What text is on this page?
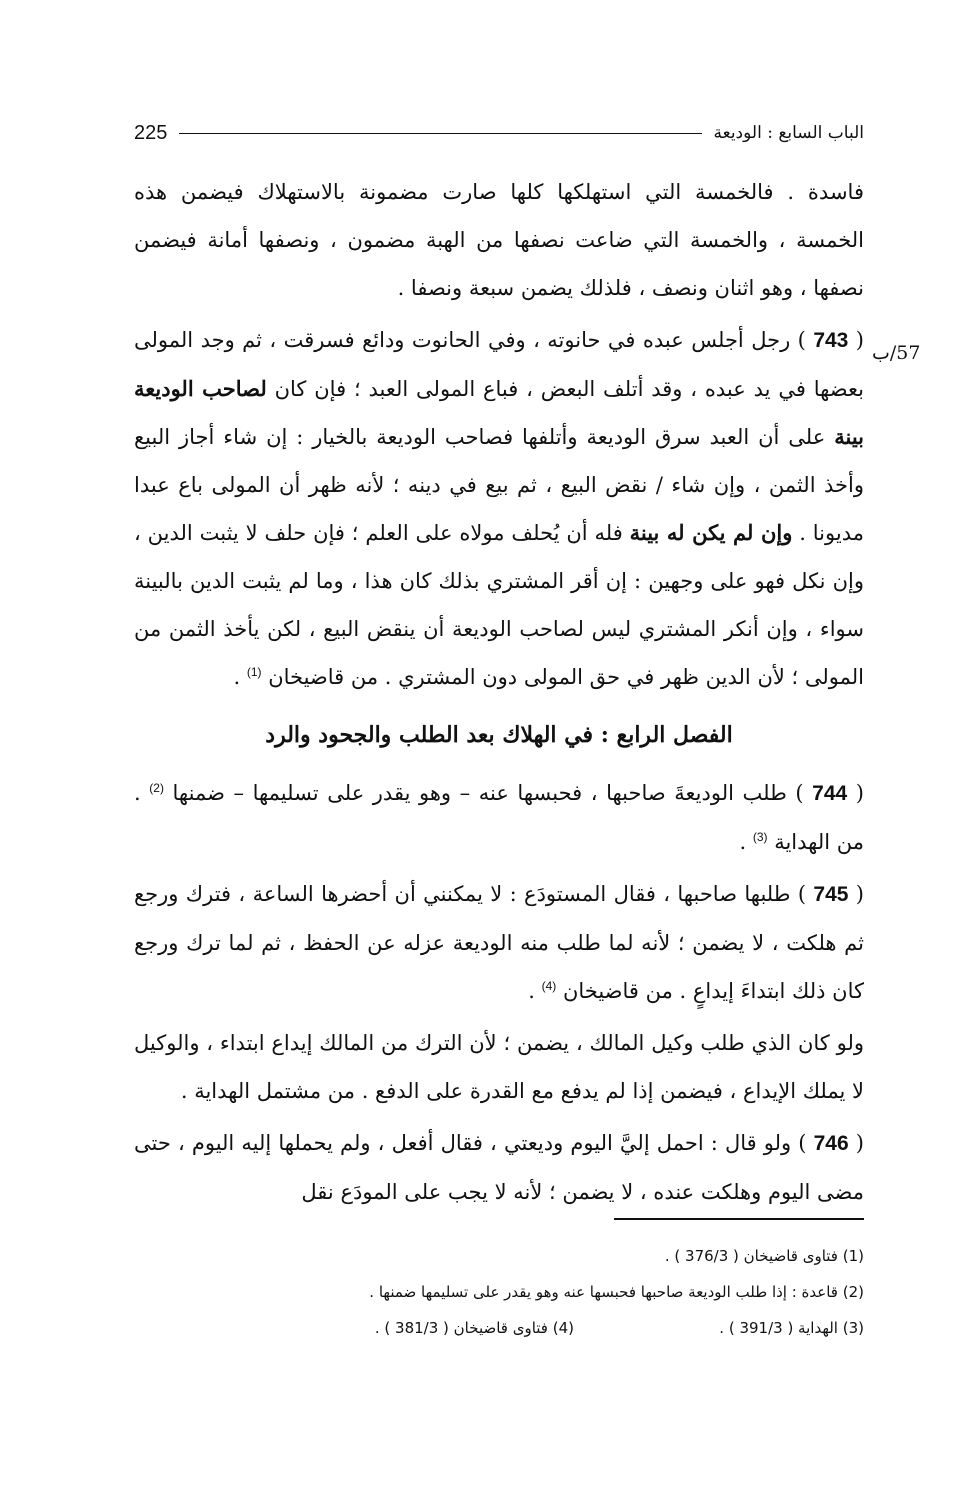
الباب السابع : الوديعة
225
57/ب

فاسدة . فالخمسة التي استهلكها كلها صارت مضمونة بالاستهلاك فيضمن هذه الخمسة ، والخمسة التي ضاعت نصفها من الهبة مضمون ، ونصفها أمانة فيضمن نصفها ، وهو اثنان ونصف ، فلذلك يضمن سبعة ونصفا .

( 743 ) رجل أجلس عبده في حانوته ، وفي الحانوت ودائع فسرقت ، ثم وجد المولى بعضها في يد عبده ، وقد أتلف البعض ، فباع المولى العبد ؛ فإن كان لصاحب الوديعة بينة على أن العبد سرق الوديعة وأتلفها فصاحب الوديعة بالخيار : إن شاء أجاز البيع وأخذ الثمن ، وإن شاء / نقض البيع ، ثم بيع في دينه ؛ لأنه ظهر أن المولى باع عبدا مديونا . وإن لم يكن له بينة فله أن يُحلف مولاه على العلم ؛ فإن حلف لا يثبت الدين ، وإن نكل فهو على وجهين : إن أقر المشتري بذلك كان هذا ، وما لم يثبت الدين بالبينة سواء ، وإن أنكر المشتري ليس لصاحب الوديعة أن ينقض البيع ، لكن يأخذ الثمن من المولى ؛ لأن الدين ظهر في حق المولى دون المشتري . من قاضيخان $^{(1)}$ .

الفصل الرابع : في الهلاك بعد الطلب والجحود والرد

( 744 ) طلب الوديعةَ صاحبها ، فحبسها عنه – وهو يقدر على تسليمها – ضمنها $^{(2)}$ . من الهداية $^{(3)}$ .

( 745 ) طلبها صاحبها ، فقال المستودَع : لا يمكنني أن أحضرها الساعة ، فترك ورجع ثم هلكت ، لا يضمن ؛ لأنه لما طلب منه الوديعة عزله عن الحفظ ، ثم لما ترك ورجع كان ذلك ابتداءَ إيداعٍ . من قاضيخان $^{(4)}$ .

ولو كان الذي طلب وكيل المالك ، يضمن ؛ لأن الترك من المالك إيداع ابتداء ، والوكيل لا يملك الإيداع ، فيضمن إذا لم يدفع مع القدرة على الدفع . من مشتمل الهداية .

( 746 ) ولو قال : احمل إليَّ اليوم وديعتي ، فقال أفعل ، ولم يحملها إليه اليوم ، حتى مضى اليوم وهلكت عنده ، لا يضمن ؛ لأنه لا يجب على المودَع نقل

(1) فتاوى قاضيخان ( 376/3 ) .
(2) قاعدة : إذا طلب الوديعة صاحبها فحبسها عنه وهو يقدر على تسليمها ضمنها .
(3) الهداية ( 391/3 ) .
(4) فتاوى قاضيخان ( 381/3 ) .
